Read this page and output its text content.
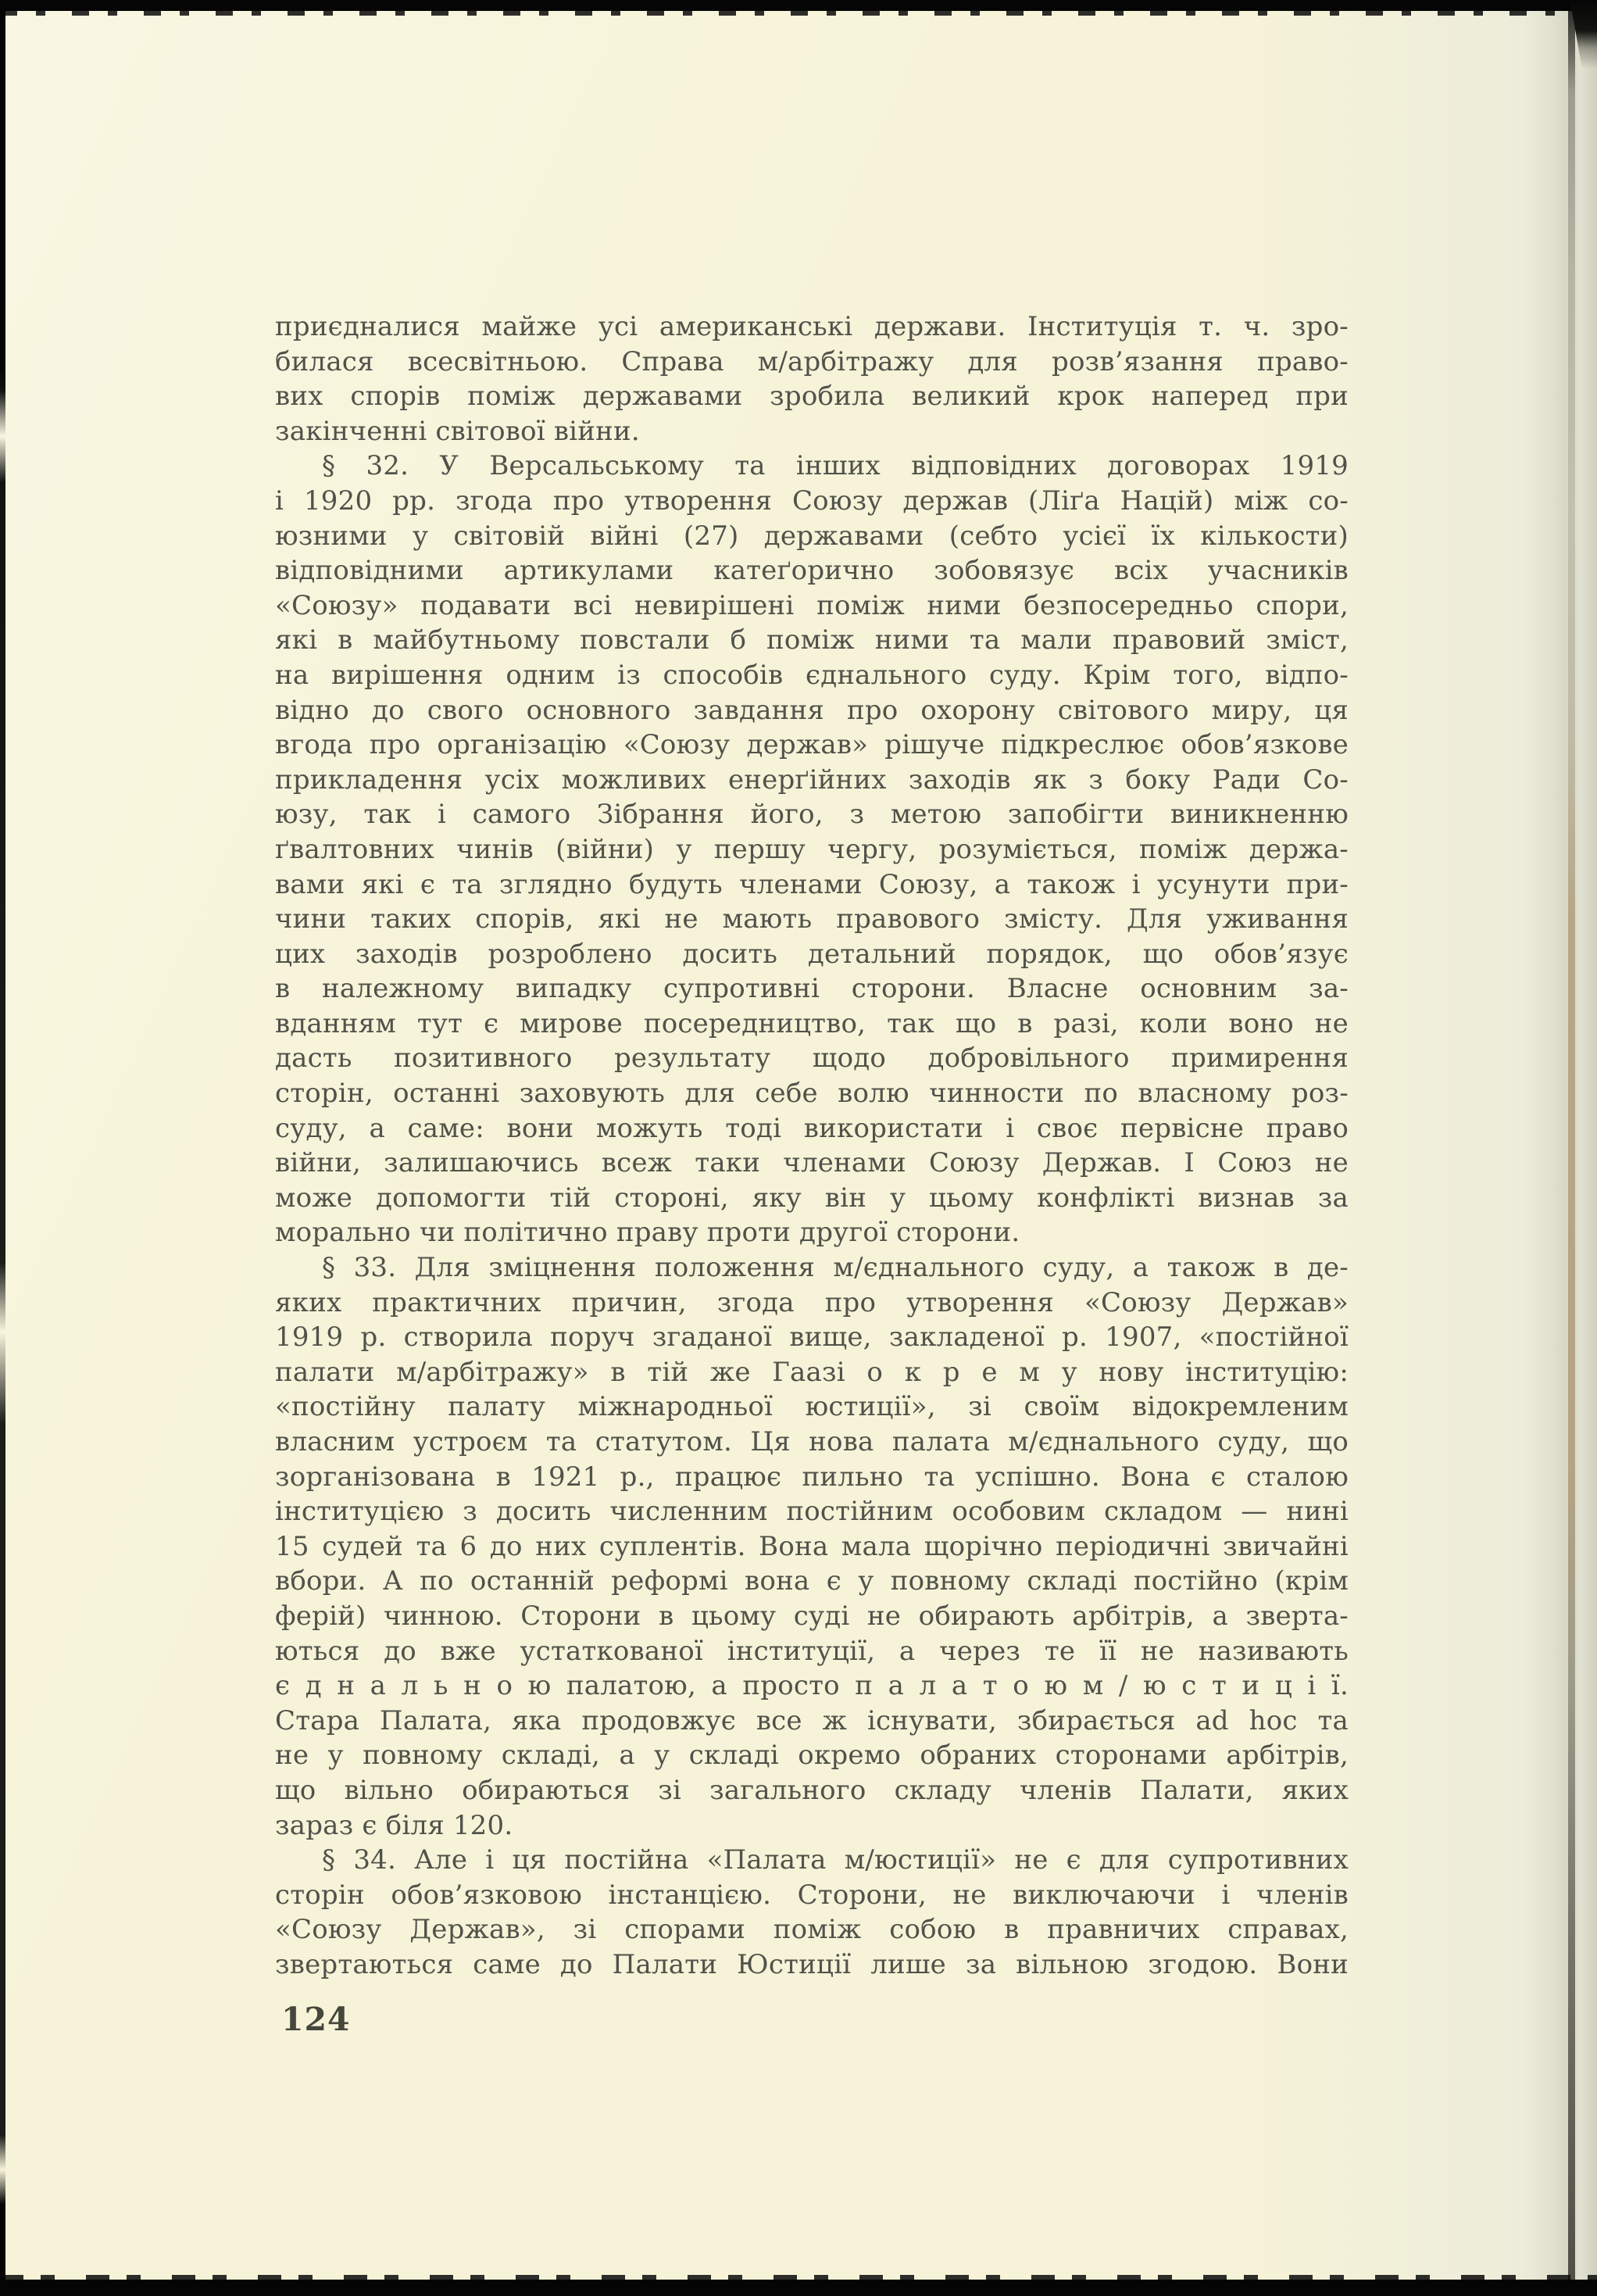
приєдналися майже усі американські держави. Інституція т. ч. зро-
билася всесвітньою. Справа м/арбітражу для розв’язання право-
вих спорів поміж державами зробила великий крок наперед при
закінченні світової війни.
§ 32. У Версальському та інших відповідних договорах 1919
і 1920 рр. згода про утворення Союзу держав (Ліґа Націй) між со-
юзними у світовій війні (27) державами (себто усієї їх кількости)
відповідними артикулами катеґорично зобовязує всіх учасників
«Союзу» подавати всі невирішені поміж ними безпосередньо спори,
які в майбутньому повстали б поміж ними та мали правовий зміст,
на вирішення одним із способів єднального суду. Крім того, відпо-
відно до свого основного завдання про охорону світового миру, ця
вгода про організацію «Союзу держав» рішуче підкреслює обов’язкове
прикладення усіх можливих енерґійних заходів як з боку Ради Со-
юзу, так і самого Зібрання його, з метою запобігти виникненню
ґвалтовних чинів (війни) у першу чергу, розуміється, поміж держа-
вами які є та зглядно будуть членами Союзу, а також і усунути при-
чини таких спорів, які не мають правового змісту. Для уживання
цих заходів розроблено досить детальний порядок, що обов’язує
в належному випадку супротивні сторони. Власне основним за-
вданням тут є мирове посередництво, так що в разі, коли воно не
дасть позитивного результату щодо добровільного примирення
сторін, останні заховують для себе волю чинности по власному роз-
суду, а саме: вони можуть тоді використати і своє первісне право
війни, залишаючись всеж таки членами Союзу Держав. І Союз не
може допомогти тій стороні, яку він у цьому конфлікті визнав за
морально чи політично праву проти другої сторони.
§ 33. Для зміцнення положення м/єднального суду, а також в де-
яких практичних причин, згода про утворення «Союзу Держав»
1919 р. створила поруч згаданої вище, закладеної р. 1907, «постійної
палати м/арбітражу» в тій же Гаазі о к р е м у нову інституцію:
«постійну палату міжнародньої юстиції», зі своїм відокремленим
власним устроєм та статутом. Ця нова палата м/єднального суду, що
зорганізована в 1921 р., працює пильно та успішно. Вона є сталою
інституцією з досить численним постійним особовим складом — нині
15 судей та 6 до них суплентів. Вона мала щорічно періодичні звичайні
вбори. А по останній реформі вона є у повному складі постійно (крім
ферій) чинною. Сторони в цьому суді не обирають арбітрів, а зверта-
ються до вже устаткованої інституції, а через те її не називають
є д н а л ь н о ю палатою, а просто п а л а т о ю м / ю с т и ц і ї.
Стара Палата, яка продовжує все ж існувати, збирається ad hoc та
не у повному складі, а у складі окремо обраних сторонами арбітрів,
що вільно обираються зі загального складу членів Палати, яких
зараз є біля 120.
§ 34. Але і ця постійна «Палата м/юстиції» не є для супротивних
сторін обов’язковою інстанцією. Сторони, не виключаючи і членів
«Союзу Держав», зі спорами поміж собою в правничих справах,
звертаються саме до Палати Юстиції лише за вільною згодою. Вони
124
